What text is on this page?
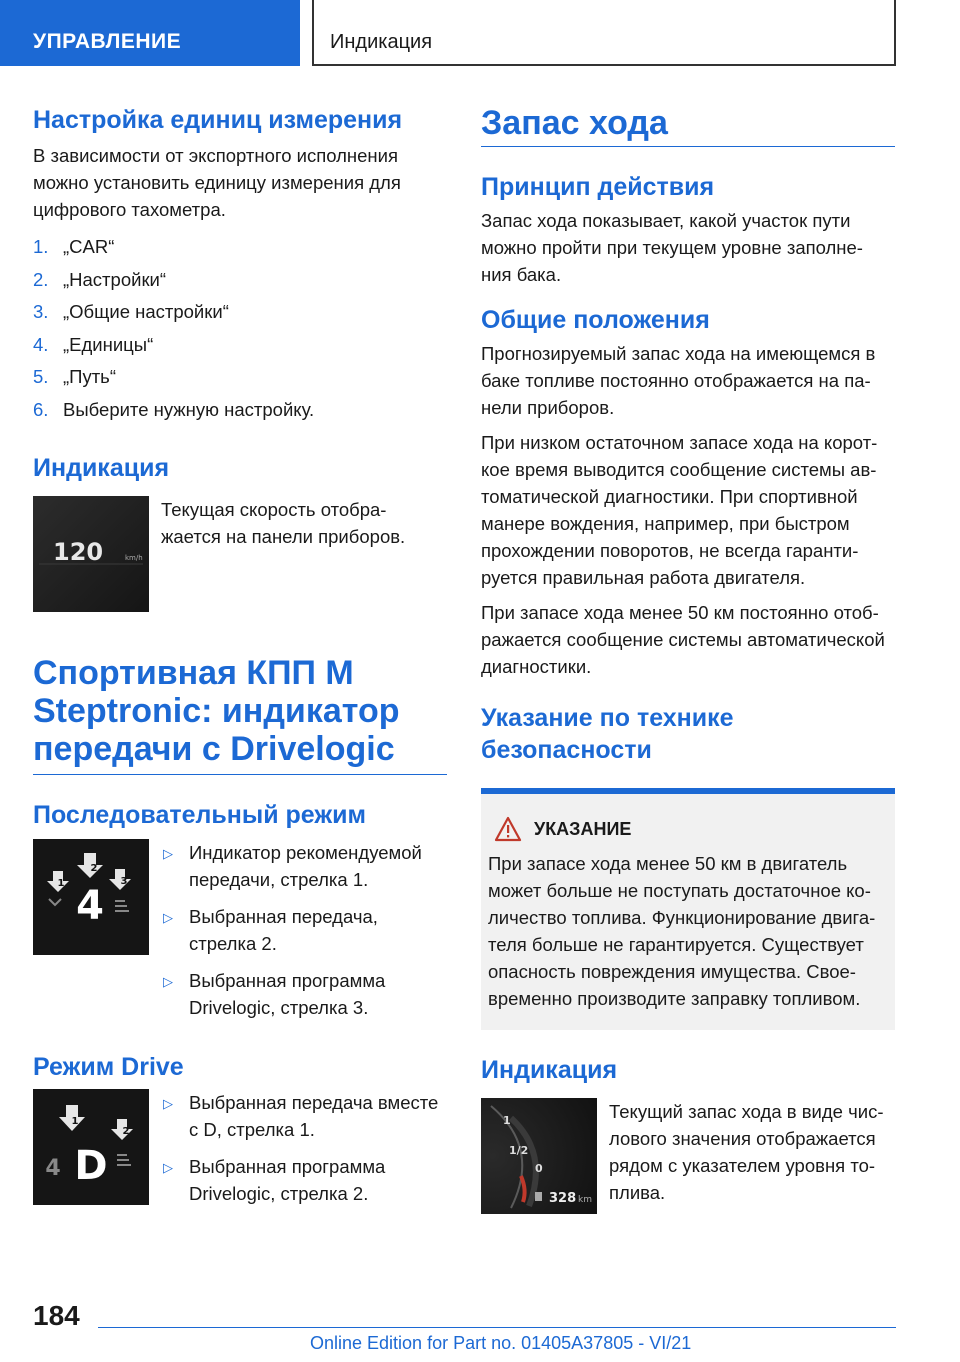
УПРАВЛЕНИЕ	Индикация
Настройка единиц измерения

В зависимости от экспортного исполнения
можно установить единицу измерения для
цифрового тахометра.

1. „CAR“
2. „Настройки“
3. „Общие настройки“
4. „Единицы“
5. „Путь“
6. Выберите нужную настройку.
Индикация
120	km/h
Текущая скорость отобра-
жается на панели приборов.
Спортивная КПП M
Steptronic: индикатор
передачи с Drivelogic
Последовательный режим
1
2
3
4
▷ Индикатор рекомендуемой
передачи, стрелка 1.
▷ Выбранная передача,
стрелка 2.
▷ Выбранная программа
Drivelogic, стрелка 3.
Режим Drive
1
2
4 D
▷ Выбранная передача вместе
с D, стрелка 1.
▷ Выбранная программа
Drivelogic, стрелка 2.
Запас хода
Принцип действия

Запас хода показывает, какой участок пути
можно пройти при текущем уровне заполне-
ния бака.

Общие положения

Прогнозируемый запас хода на имеющемся в
баке топливе постоянно отображается на па-
нели приборов.

При низком остаточном запасе хода на корот-
кое время выводится сообщение системы ав-
томатической диагностики. При спортивной
манере вождения, например, при быстром
прохождении поворотов, не всегда гаранти-
руется правильная работа двигателя.

При запасе хода менее 50 км постоянно отоб-
ражается сообщение системы автоматической
диагностики.

Указание по технике
безопасности
УКАЗАНИЕ

При запасе хода менее 50 км в двигатель
может больше не поступать достаточное ко-
личество топлива. Функционирование двига-
теля больше не гарантируется. Существует
опасность повреждения имущества. Свое-
временно производите заправку топливом.

Индикация
1
1/2
0
328 km
Текущий запас хода в виде чис-
лового значения отображается
рядом с указателем уровня то-
плива.
184
Online Edition for Part no. 01405A37805 - VI/21
